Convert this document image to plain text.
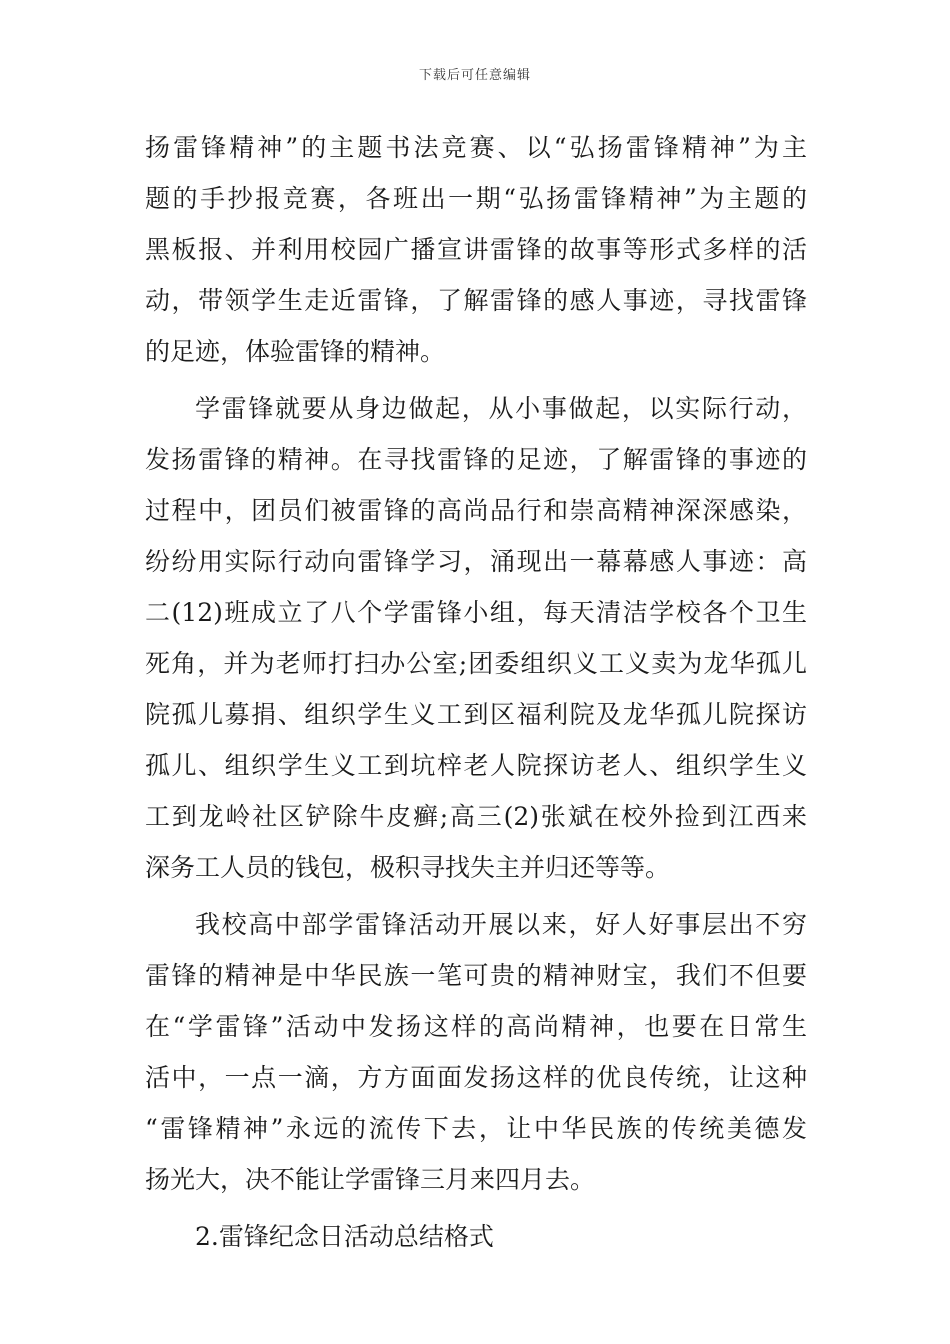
下载后可任意编辑
扬雷锋精神”的主题书法竞赛、以“弘扬雷锋精神”为主
题的手抄报竞赛，各班出一期“弘扬雷锋精神”为主题的
黑板报、并利用校园广播宣讲雷锋的故事等形式多样的活
动，带领学生走近雷锋，了解雷锋的感人事迹，寻找雷锋
的足迹，体验雷锋的精神。
学雷锋就要从身边做起，从小事做起，以实际行动，
发扬雷锋的精神。在寻找雷锋的足迹，了解雷锋的事迹的
过程中，团员们被雷锋的高尚品行和崇高精神深深感染，
纷纷用实际行动向雷锋学习，涌现出一幕幕感人事迹：高
二(12)班成立了八个学雷锋小组，每天清洁学校各个卫生
死角，并为老师打扫办公室;团委组织义工义卖为龙华孤儿
院孤儿募捐、组织学生义工到区福利院及龙华孤儿院探访
孤儿、组织学生义工到坑梓老人院探访老人、组织学生义
工到龙岭社区铲除牛皮癣;高三(2)张斌在校外捡到江西来
深务工人员的钱包，极积寻找失主并归还等等。
我校高中部学雷锋活动开展以来，好人好事层出不穷
雷锋的精神是中华民族一笔可贵的精神财宝，我们不但要
在“学雷锋”活动中发扬这样的高尚精神，也要在日常生
活中，一点一滴，方方面面发扬这样的优良传统，让这种
“雷锋精神”永远的流传下去，让中华民族的传统美德发
扬光大，决不能让学雷锋三月来四月去。
2.雷锋纪念日活动总结格式
